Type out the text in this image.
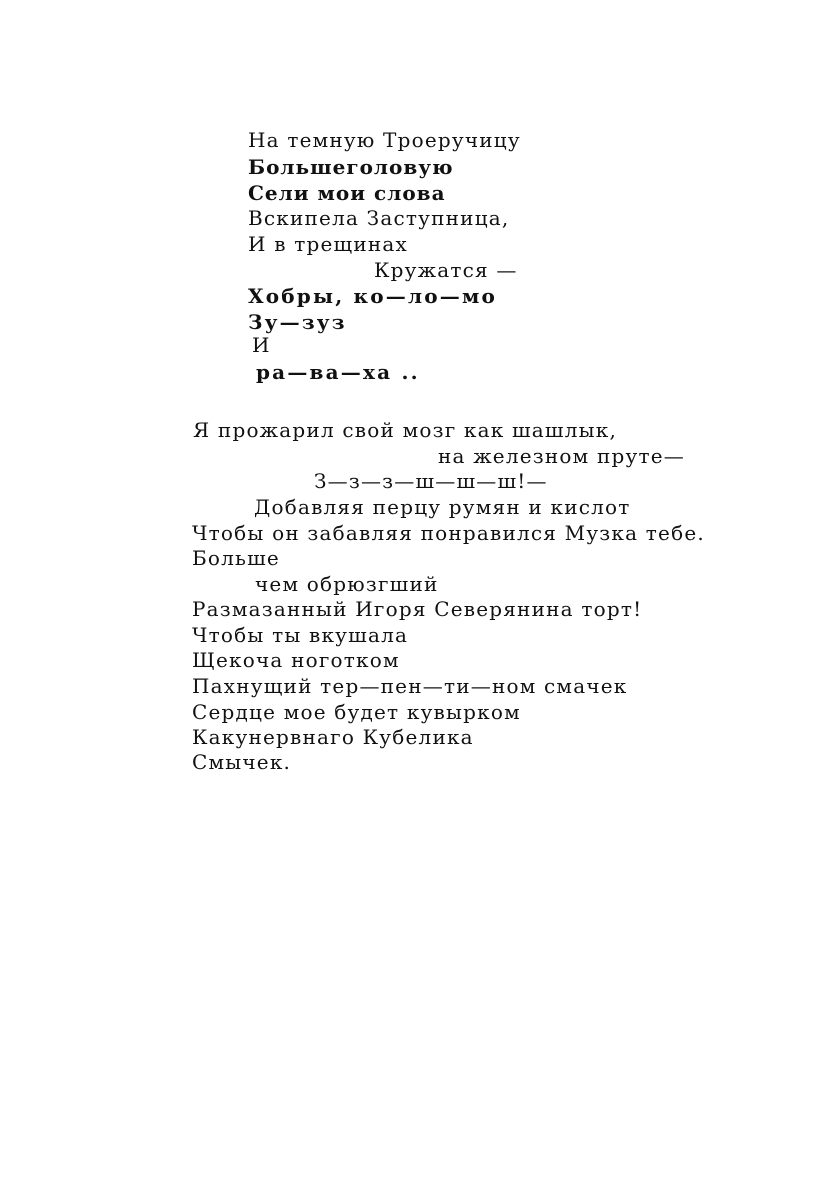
На темную Троеручицу
Большеголовую
Сели мои слова
Вскипела Заступница,
И в трещинах
Кружатся —
Хобры, ко—ло—мо
Зу—зуз
И
ра—ва—ха ..
Я прожарил свой мозг как шашлык,
на железном пруте—
З—з—з—ш—ш—ш!—
Добавляя перцу румян и кислот
Чтобы он забавляя понравился Музка тебе.
Больше
чем обрюзгший
Размазанный Игоря Северянина торт!
Чтобы ты вкушала
Щекоча ноготком
Пахнущий тер—пен—ти—ном смачек
Сердце мое будет кувырком
Какунервнаго Кубелика
Смычек.
